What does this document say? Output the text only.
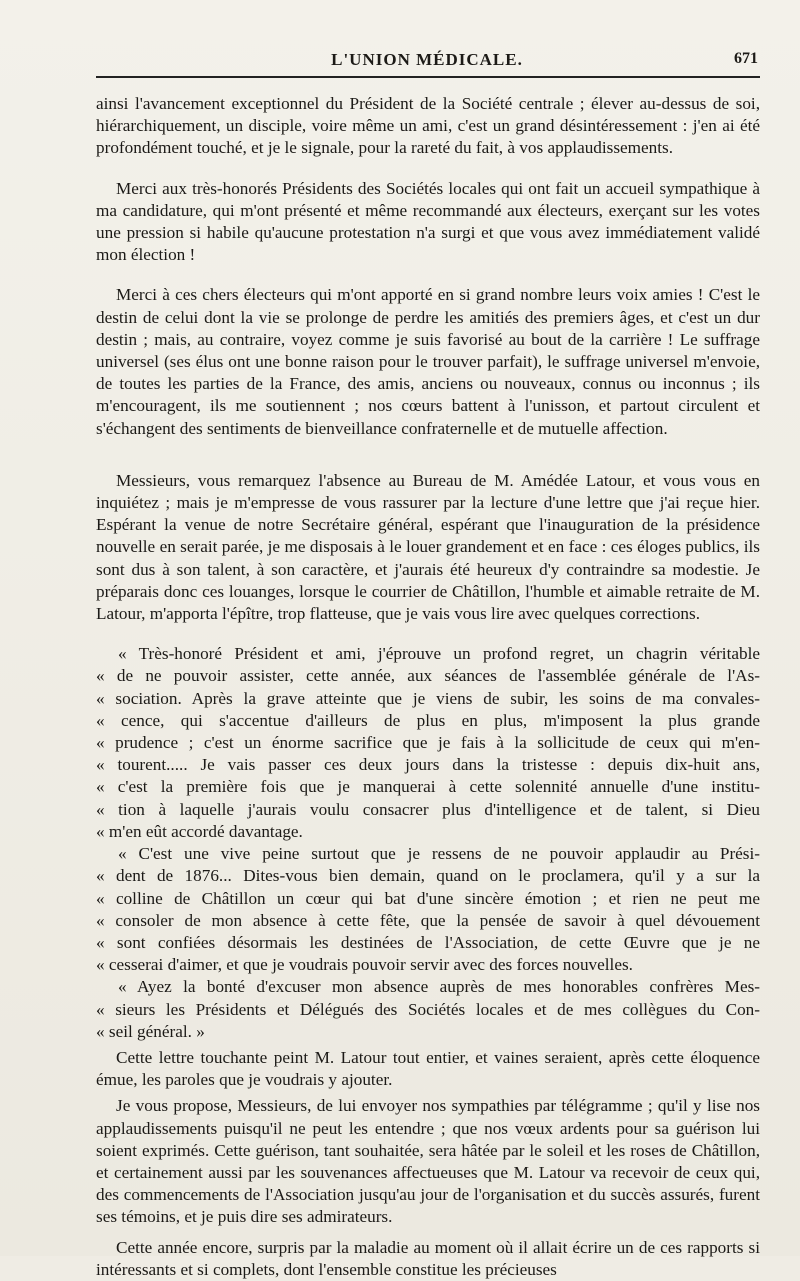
L'UNION MÉDICALE.	671

ainsi l'avancement exceptionnel du Président de la Société centrale ; élever au-dessus de soi, hiérarchiquement, un disciple, voire même un ami, c'est un grand désintéressement : j'en ai été profondément touché, et je le signale, pour la rareté du fait, à vos applaudissements.

Merci aux très-honorés Présidents des Sociétés locales qui ont fait un accueil sympathique à ma candidature, qui m'ont présenté et même recommandé aux électeurs, exerçant sur les votes une pression si habile qu'aucune protestation n'a surgi et que vous avez immédiatement validé mon élection !

Merci à ces chers électeurs qui m'ont apporté en si grand nombre leurs voix amies ! C'est le destin de celui dont la vie se prolonge de perdre les amitiés des premiers âges, et c'est un dur destin ; mais, au contraire, voyez comme je suis favorisé au bout de la carrière ! Le suffrage universel (ses élus ont une bonne raison pour le trouver parfait), le suffrage universel m'envoie, de toutes les parties de la France, des amis, anciens ou nouveaux, connus ou inconnus ; ils m'encouragent, ils me soutiennent ; nos cœurs battent à l'unisson, et partout circulent et s'échangent des sentiments de bienveillance confraternelle et de mutuelle affection.

Messieurs, vous remarquez l'absence au Bureau de M. Amédée Latour, et vous vous en inquiétez ; mais je m'empresse de vous rassurer par la lecture d'une lettre que j'ai reçue hier. Espérant la venue de notre Secrétaire général, espérant que l'inauguration de la présidence nouvelle en serait parée, je me disposais à le louer grandement et en face : ces éloges publics, ils sont dus à son talent, à son caractère, et j'aurais été heureux d'y contraindre sa modestie. Je préparais donc ces louanges, lorsque le courrier de Châtillon, l'humble et aimable retraite de M. Latour, m'apporta l'épître, trop flatteuse, que je vais vous lire avec quelques corrections.

« Très-honoré Président et ami, j'éprouve un profond regret, un chagrin véritable
« de ne pouvoir assister, cette année, aux séances de l'assemblée générale de l'As-
« sociation. Après la grave atteinte que je viens de subir, les soins de ma convales-
« cence, qui s'accentue d'ailleurs de plus en plus, m'imposent la plus grande
« prudence ; c'est un énorme sacrifice que je fais à la sollicitude de ceux qui m'en-
« tourent..... Je vais passer ces deux jours dans la tristesse : depuis dix-huit ans,
« c'est la première fois que je manquerai à cette solennité annuelle d'une institu-
« tion à laquelle j'aurais voulu consacrer plus d'intelligence et de talent, si Dieu
« m'en eût accordé davantage.

« C'est une vive peine surtout que je ressens de ne pouvoir applaudir au Prési-
« dent de 1876... Dites-vous bien demain, quand on le proclamera, qu'il y a sur la
« colline de Châtillon un cœur qui bat d'une sincère émotion ; et rien ne peut me
« consoler de mon absence à cette fête, que la pensée de savoir à quel dévouement
« sont confiées désormais les destinées de l'Association, de cette Œuvre que je ne
« cesserai d'aimer, et que je voudrais pouvoir servir avec des forces nouvelles.

« Ayez la bonté d'excuser mon absence auprès de mes honorables confrères Mes-
« sieurs les Présidents et Délégués des Sociétés locales et de mes collègues du Con-
« seil général. »

Cette lettre touchante peint M. Latour tout entier, et vaines seraient, après cette éloquence émue, les paroles que je voudrais y ajouter.

Je vous propose, Messieurs, de lui envoyer nos sympathies par télégramme ; qu'il y lise nos applaudissements puisqu'il ne peut les entendre ; que nos vœux ardents pour sa guérison lui soient exprimés. Cette guérison, tant souhaitée, sera hâtée par le soleil et les roses de Châtillon, et certainement aussi par les souvenances affectueuses que M. Latour va recevoir de ceux qui, des commencements de l'Association jusqu'au jour de l'organisation et du succès assurés, furent ses témoins, et je puis dire ses admirateurs.

Cette année encore, surpris par la maladie au moment où il allait écrire un de ces rapports si intéressants et si complets, dont l'ensemble constitue les précieuses
